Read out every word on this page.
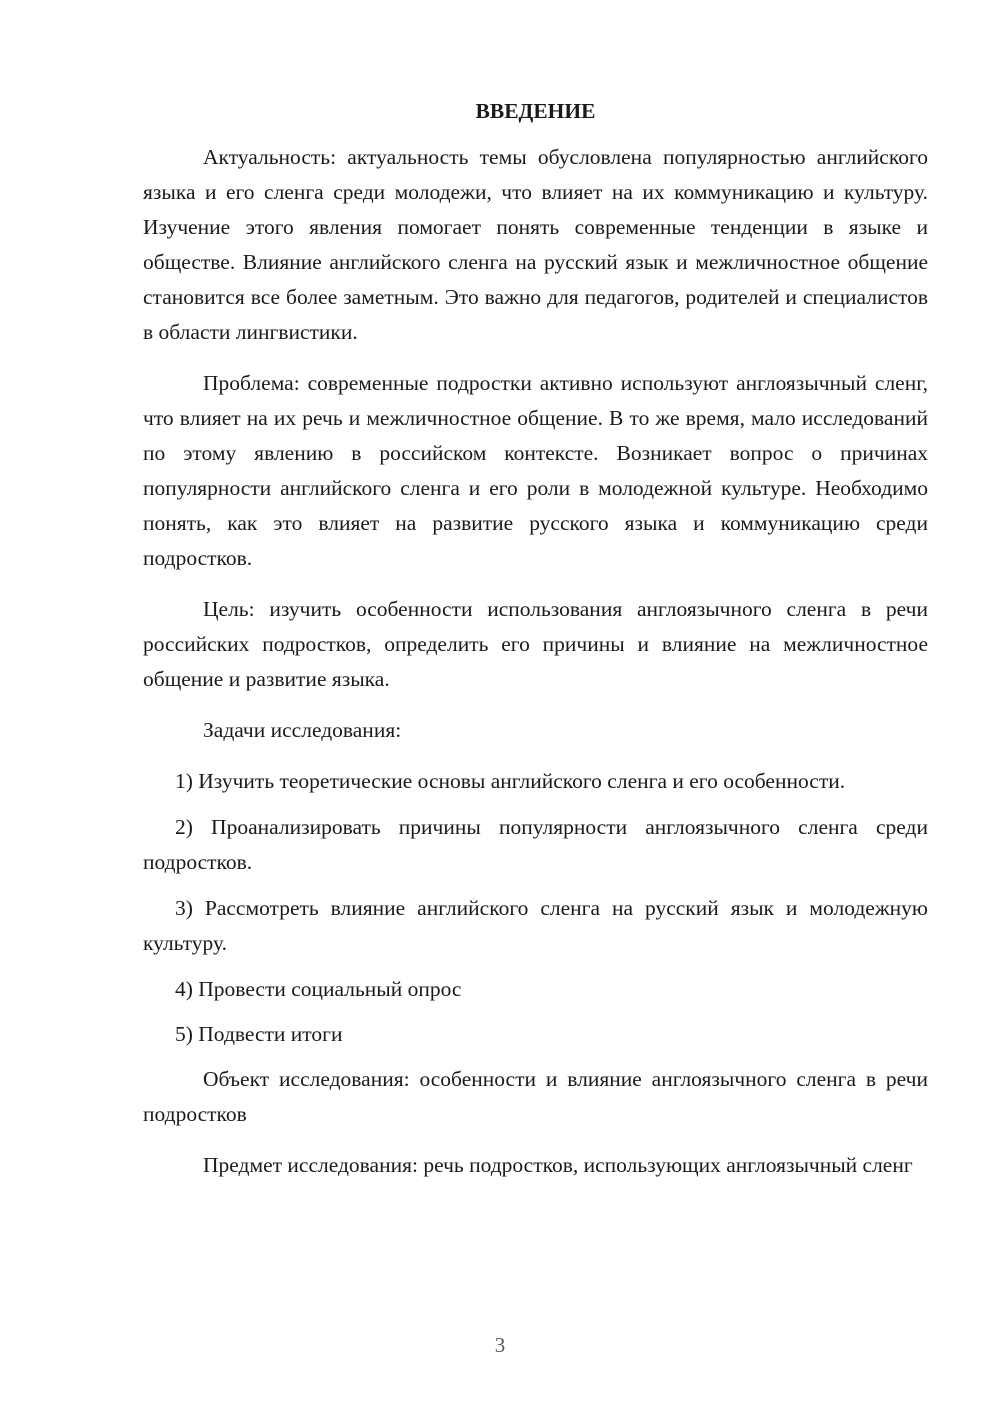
ВВЕДЕНИЕ

Актуальность: актуальность темы обусловлена популярностью английского языка и его сленга среди молодежи, что влияет на их коммуникацию и культуру. Изучение этого явления помогает понять современные тенденции в языке и обществе. Влияние английского сленга на русский язык и межличностное общение становится все более заметным. Это важно для педагогов, родителей и специалистов в области лингвистики.

Проблема: современные подростки активно используют англоязычный сленг, что влияет на их речь и межличностное общение. В то же время, мало исследований по этому явлению в российском контексте. Возникает вопрос о причинах популярности английского сленга и его роли в молодежной культуре. Необходимо понять, как это влияет на развитие русского языка и коммуникацию среди подростков.

Цель: изучить особенности использования англоязычного сленга в речи российских подростков, определить его причины и влияние на межличностное общение и развитие языка.

Задачи исследования:

1) Изучить теоретические основы английского сленга и его особенности.

2) Проанализировать причины популярности англоязычного сленга среди подростков.

3) Рассмотреть влияние английского сленга на русский язык и молодежную культуру.

4) Провести социальный опрос

5) Подвести итоги

Объект исследования: особенности и влияние англоязычного сленга в речи подростков

Предмет исследования: речь подростков, использующих англоязычный сленг

3
